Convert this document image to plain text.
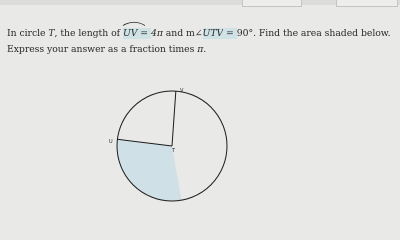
In circle T, the length of
UV = 4π and m∠UTV = 90°. Find the area shaded below.
Express your answer as a fraction times π.
V
U
T
